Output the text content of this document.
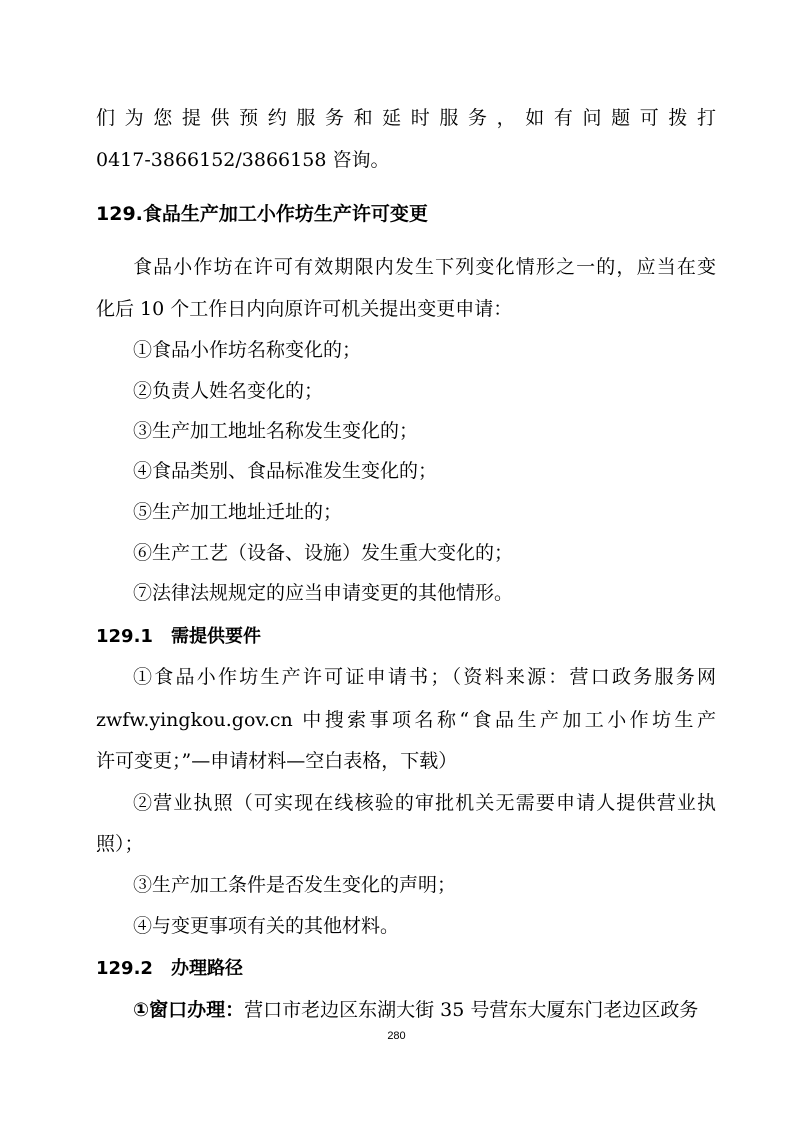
们为您提供预约服务和延时服务，如有问题可拨打
0417-3866152/3866158 咨询。
129.食品生产加工小作坊生产许可变更
食品小作坊在许可有效期限内发生下列变化情形之一的，应当在变
化后 10 个工作日内向原许可机关提出变更申请：
①食品小作坊名称变化的；
②负责人姓名变化的；
③生产加工地址名称发生变化的；
④食品类别、食品标准发生变化的；
⑤生产加工地址迁址的；
⑥生产工艺（设备、设施）发生重大变化的；
⑦法律法规规定的应当申请变更的其他情形。
129.1 需提供要件
①食品小作坊生产许可证申请书；（资料来源：营口政务服务网
zwfw.yingkou.gov.cn 中搜索事项名称“食品生产加工小作坊生产
许可变更；”—申请材料—空白表格，下载）
②营业执照（可实现在线核验的审批机关无需要申请人提供营业执
照）；
③生产加工条件是否发生变化的声明；
④与变更事项有关的其他材料。
129.2 办理路径
①窗口办理：营口市老边区东湖大街 35 号营东大厦东门老边区政务
280
